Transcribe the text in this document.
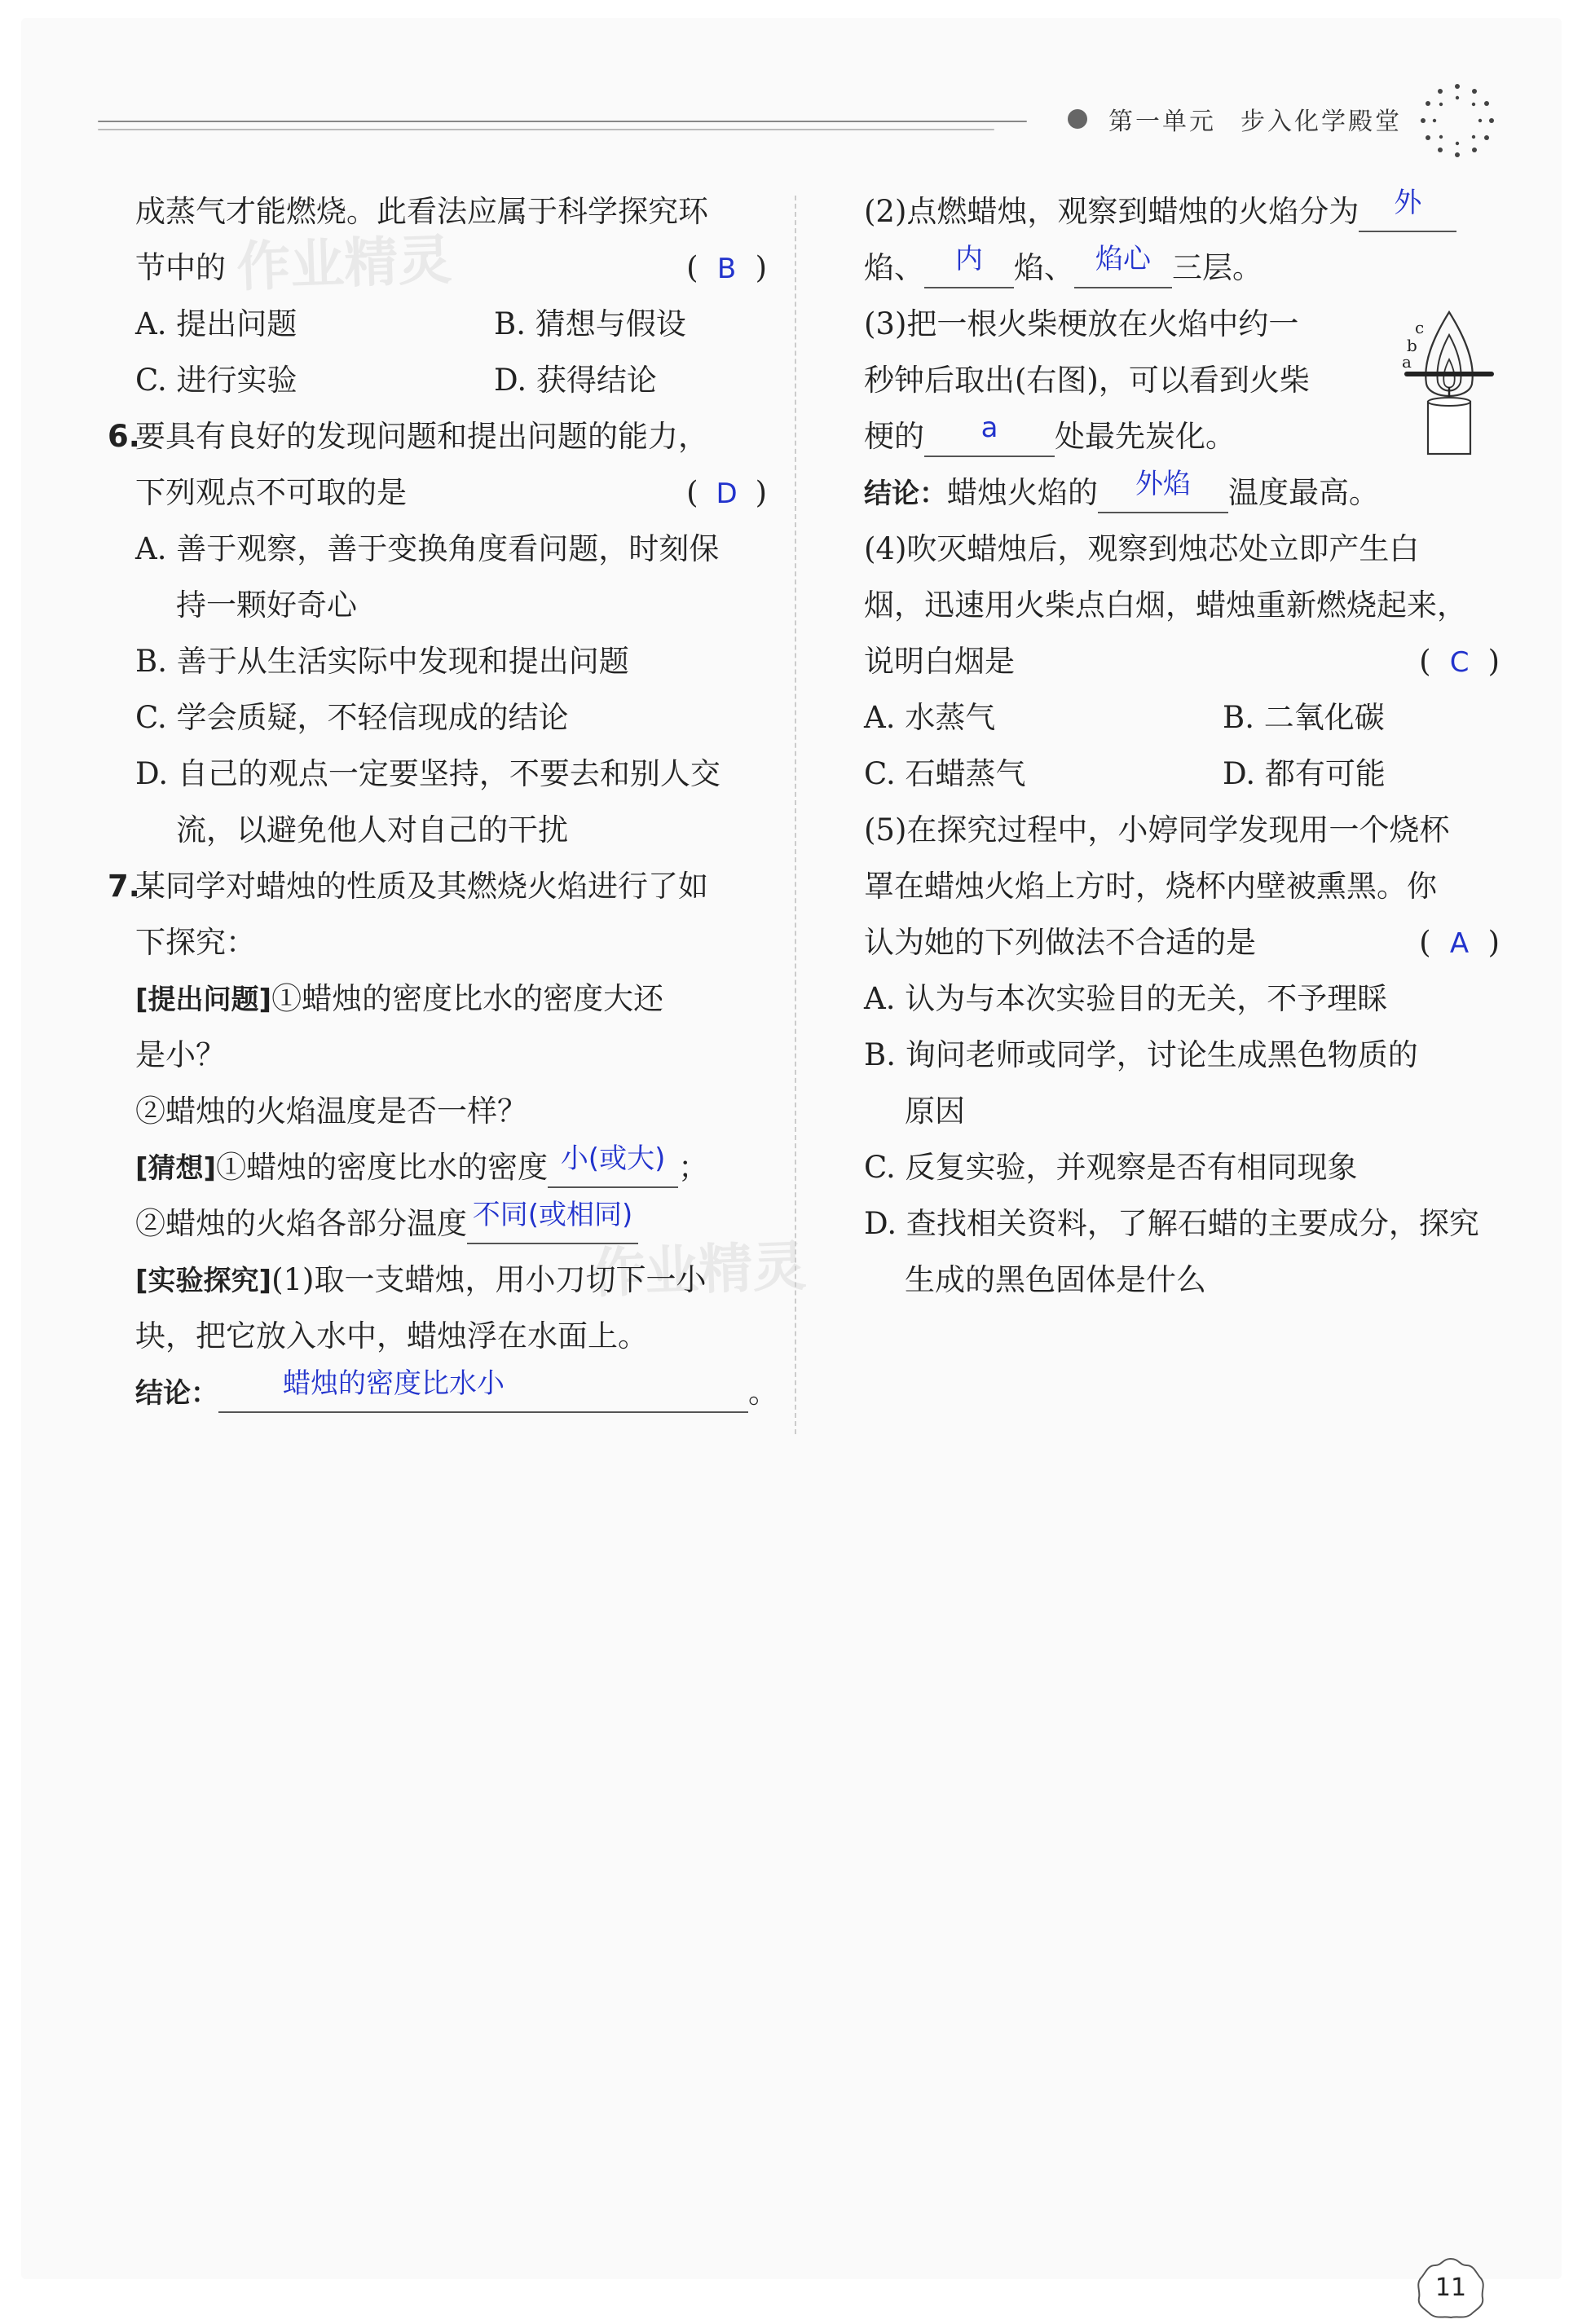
第一单元 步入化学殿堂
成蒸气才能燃烧。此看法应属于科学探究环
节中的	( B )
A. 提出问题	B. 猜想与假设
C. 进行实验	D. 获得结论
6.要具有良好的发现问题和提出问题的能力，
下列观点不可取的是	( D )
A. 善于观察，善于变换角度看问题，时刻保
持一颗好奇心
B. 善于从生活实际中发现和提出问题
C. 学会质疑，不轻信现成的结论
D. 自己的观点一定要坚持，不要去和别人交
流，以避免他人对自己的干扰
7.某同学对蜡烛的性质及其燃烧火焰进行了如
下探究：
[提出问题]①蜡烛的密度比水的密度大还
是小？
②蜡烛的火焰温度是否一样？
[猜想]①蜡烛的密度比水的密度 小(或大) ；
②蜡烛的火焰各部分温度 不同(或相同)
[实验探究](1)取一支蜡烛，用小刀切下一小
块，把它放入水中，蜡烛浮在水面上。
结论： 蜡烛的密度比水小	。
(2)点燃蜡烛，观察到蜡烛的火焰分为 外
焰、 内 焰、 焰心 三层。
(3)把一根火柴梗放在火焰中约一
秒钟后取出(右图)，可以看到火柴
梗的 a 处最先炭化。
结论：蜡烛火焰的 外焰 温度最高。
(4)吹灭蜡烛后，观察到烛芯处立即产生白
烟，迅速用火柴点白烟，蜡烛重新燃烧起来，
说明白烟是	( C )
A. 水蒸气	B. 二氧化碳
C. 石蜡蒸气	D. 都有可能
(5)在探究过程中，小婷同学发现用一个烧杯
罩在蜡烛火焰上方时，烧杯内壁被熏黑。你
认为她的下列做法不合适的是	( A )
A. 认为与本次实验目的无关，不予理睬
B. 询问老师或同学，讨论生成黑色物质的
原因
C. 反复实验，并观察是否有相同现象
D. 查找相关资料，了解石蜡的主要成分，探究
生成的黑色固体是什么
c
b
a
11
